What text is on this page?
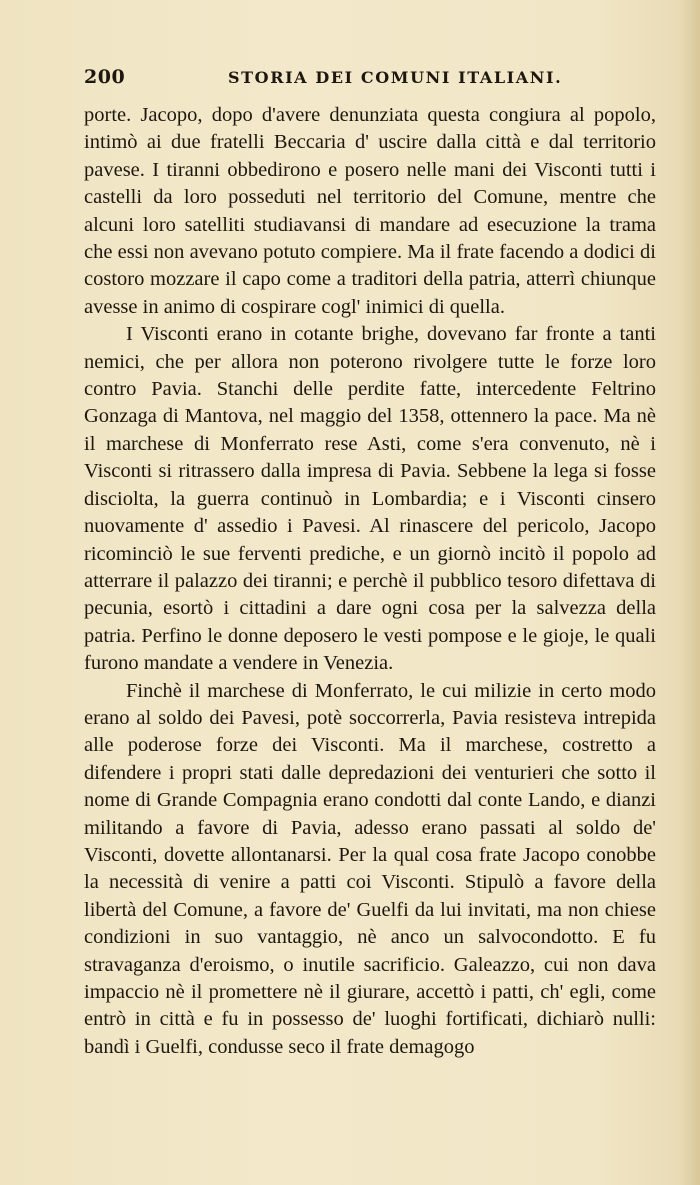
200	STORIA DEI COMUNI ITALIANI.

porte. Jacopo, dopo d'avere denunziata questa congiura al popolo, intimò ai due fratelli Beccaria d' uscire dalla città e dal territorio pavese. I tiranni obbedirono e posero nelle mani dei Visconti tutti i castelli da loro posseduti nel territorio del Comune, mentre che alcuni loro satelliti studiavansi di mandare ad esecuzione la trama che essi non avevano potuto compiere. Ma il frate facendo a dodici di costoro mozzare il capo come a traditori della patria, atterrì chiunque avesse in animo di cospirare cogl' inimici di quella.

I Visconti erano in cotante brighe, dovevano far fronte a tanti nemici, che per allora non poterono rivolgere tutte le forze loro contro Pavia. Stanchi delle perdite fatte, intercedente Feltrino Gonzaga di Mantova, nel maggio del 1358, ottennero la pace. Ma nè il marchese di Monferrato rese Asti, come s'era convenuto, nè i Visconti si ritrassero dalla impresa di Pavia. Sebbene la lega si fosse disciolta, la guerra continuò in Lombardia; e i Visconti cinsero nuovamente d' assedio i Pavesi. Al rinascere del pericolo, Jacopo ricominciò le sue ferventi prediche, e un giornò incitò il popolo ad atterrare il palazzo dei tiranni; e perchè il pubblico tesoro difettava di pecunia, esortò i cittadini a dare ogni cosa per la salvezza della patria. Perfino le donne deposero le vesti pompose e le gioje, le quali furono mandate a vendere in Venezia.

Finchè il marchese di Monferrato, le cui milizie in certo modo erano al soldo dei Pavesi, potè soccorrerla, Pavia resisteva intrepida alle poderose forze dei Visconti. Ma il marchese, costretto a difendere i propri stati dalle depredazioni dei venturieri che sotto il nome di Grande Compagnia erano condotti dal conte Lando, e dianzi militando a favore di Pavia, adesso erano passati al soldo de' Visconti, dovette allontanarsi. Per la qual cosa frate Jacopo conobbe la necessità di venire a patti coi Visconti. Stipulò a favore della libertà del Comune, a favore de' Guelfi da lui invitati, ma non chiese condizioni in suo vantaggio, nè anco un salvocondotto. E fu stravaganza d'eroismo, o inutile sacrificio. Galeazzo, cui non dava impaccio nè il promettere nè il giurare, accettò i patti, ch' egli, come entrò in città e fu in possesso de' luoghi fortificati, dichiarò nulli: bandì i Guelfi, condusse seco il frate demagogo
